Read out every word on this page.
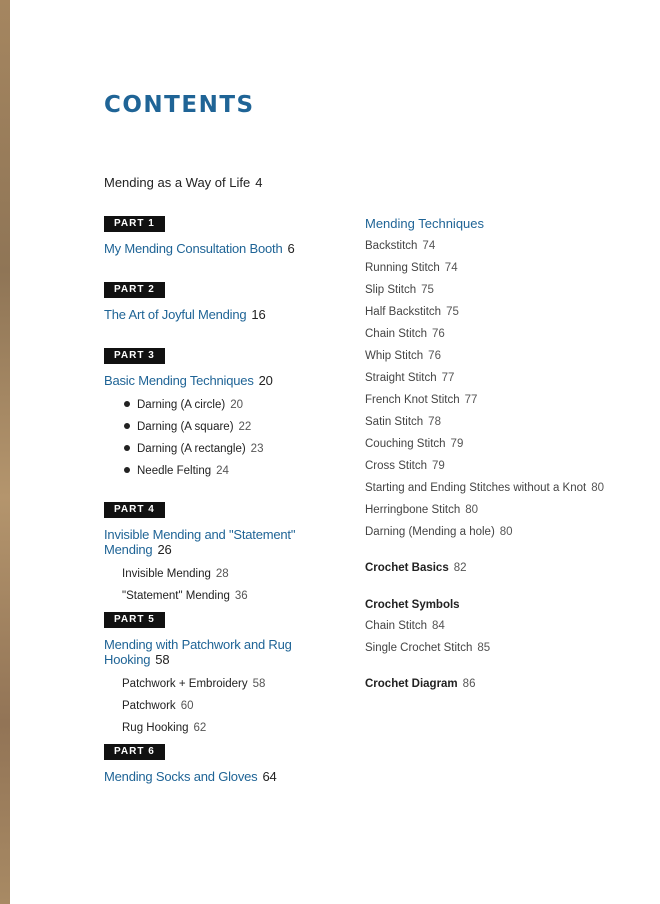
CONTENTS
Mending as a Way of Life 4
PART 1
My Mending Consultation Booth 6
PART 2
The Art of Joyful Mending 16
PART 3
Basic Mending Techniques 20
Darning (A circle) 20
Darning (A square) 22
Darning (A rectangle) 23
Needle Felting 24
PART 4
Invisible Mending and "Statement" Mending 26
Invisible Mending 28
"Statement" Mending 36
PART 5
Mending with Patchwork and Rug Hooking 58
Patchwork + Embroidery 58
Patchwork 60
Rug Hooking 62
PART 6
Mending Socks and Gloves 64
Mending Techniques
Backstitch 74
Running Stitch 74
Slip Stitch 75
Half Backstitch 75
Chain Stitch 76
Whip Stitch 76
Straight Stitch 77
French Knot Stitch 77
Satin Stitch 78
Couching Stitch 79
Cross Stitch 79
Starting and Ending Stitches without a Knot 80
Herringbone Stitch 80
Darning (Mending a hole) 80
Crochet Basics 82
Crochet Symbols
Chain Stitch 84
Single Crochet Stitch 85
Crochet Diagram 86
